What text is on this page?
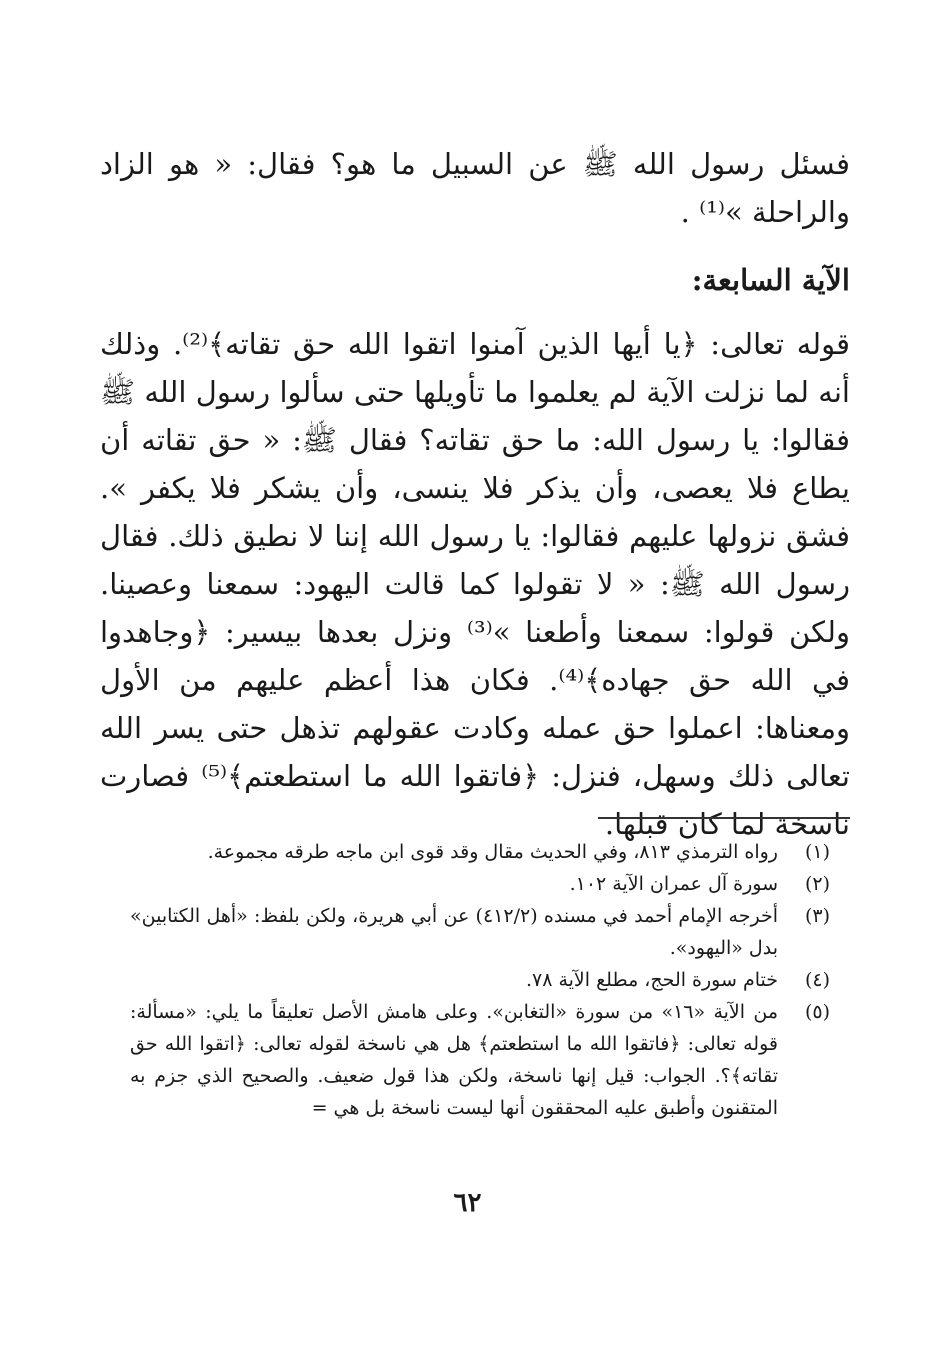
فسئل رسول الله ﷺ عن السبيل ما هو؟ فقال: « هو الزاد والراحلة »⁽¹⁾ .

الآية السابعة:

قوله تعالى: ﴿يا أيها الذين آمنوا اتقوا الله حق تقاته﴾⁽²⁾. وذلك أنه لما نزلت الآية لم يعلموا ما تأويلها حتى سألوا رسول الله ﷺ فقالوا: يا رسول الله: ما حق تقاته؟ فقال ﷺ: « حق تقاته أن يطاع فلا يعصى، وأن يذكر فلا ينسى، وأن يشكر فلا يكفر ». فشق نزولها عليهم فقالوا: يا رسول الله إننا لا نطيق ذلك. فقال رسول الله ﷺ: « لا تقولوا كما قالت اليهود: سمعنا وعصينا. ولكن قولوا: سمعنا وأطعنا »⁽³⁾ ونزل بعدها بيسير: ﴿وجاهدوا في الله حق جهاده﴾⁽⁴⁾. فكان هذا أعظم عليهم من الأول ومعناها: اعملوا حق عمله وكادت عقولهم تذهل حتى يسر الله تعالى ذلك وسهل، فنزل: ﴿فاتقوا الله ما استطعتم﴾⁽⁵⁾ فصارت ناسخة لما كان قبلها.

(١)
رواه الترمذي ٨١٣، وفي الحديث مقال وقد قوى ابن ماجه طرقه مجموعة.
(٢)
سورة آل عمران الآية ١٠٢.
(٣)
أخرجه الإمام أحمد في مسنده (٤١٢/٢) عن أبي هريرة، ولكن بلفظ: «أهل الكتابين» بدل «اليهود».
(٤)
ختام سورة الحج، مطلع الآية ٧٨.
(٥)
من الآية «١٦» من سورة «التغابن». وعلى هامش الأصل تعليقاً ما يلي: «مسألة: قوله تعالى: ﴿فاتقوا الله ما استطعتم﴾ هل هي ناسخة لقوله تعالى: ﴿اتقوا الله حق تقاته﴾؟. الجواب: قيل إنها ناسخة، ولكن هذا قول ضعيف. والصحيح الذي جزم به المتقنون وأطبق عليه المحققون أنها ليست ناسخة بل هي =
٦٢
